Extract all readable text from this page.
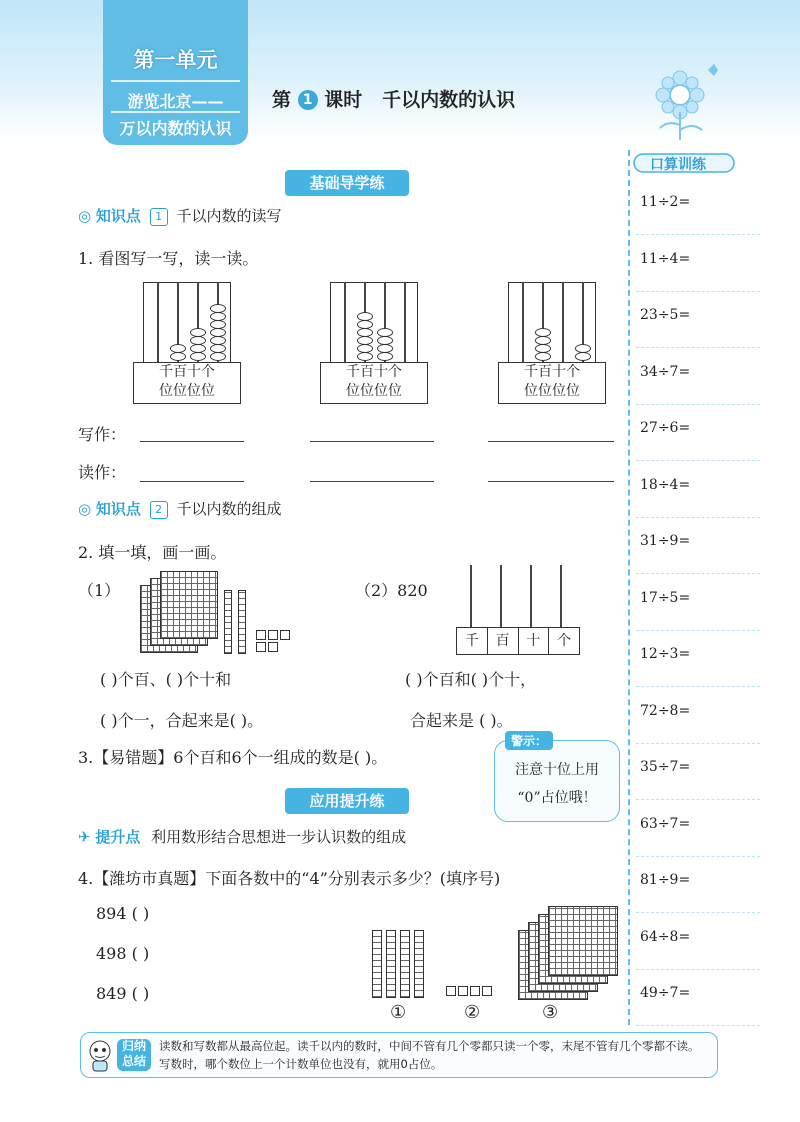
第一单元
游览北京——
万以内数的认识
第 1 课时 千以内数的认识
口算训练
11÷2=
11÷4=
23÷5=
34÷7=
27÷6=
18÷4=
31÷9=
17÷5=
12÷3=
72÷8=
35÷7=
63÷7=
81÷9=
64÷8=
49÷7=
基础导学练
◎ 知识点 1 千以内数的读写
1. 看图写一写，读一读。
千百十个
位位位位
千百十个
位位位位
千百十个
位位位位
写作：
读作：
◎ 知识点 2 千以内数的组成
2. 填一填，画一画。
（1）	（2）820
千	百	十	个
( )个百、( )个十和
( )个一，合起来是( )。
( )个百和( )个十，
合起来是 ( )。
3.【易错题】6个百和6个一组成的数是( )。
警示：
注意十位上用
“0”占位哦！
应用提升练
✈ 提升点 利用数形结合思想进一步认识数的组成
4.【潍坊市真题】下面各数中的“4”分别表示多少？(填序号)
894 ( )
498 ( )
849 ( )
①	②	③
归纳
总结
读数和写数都从最高位起。读千以内的数时，中间不管有几个零都只读一个零，末尾不管有几个零都不读。写数时，哪个数位上一个计数单位也没有，就用0占位。
